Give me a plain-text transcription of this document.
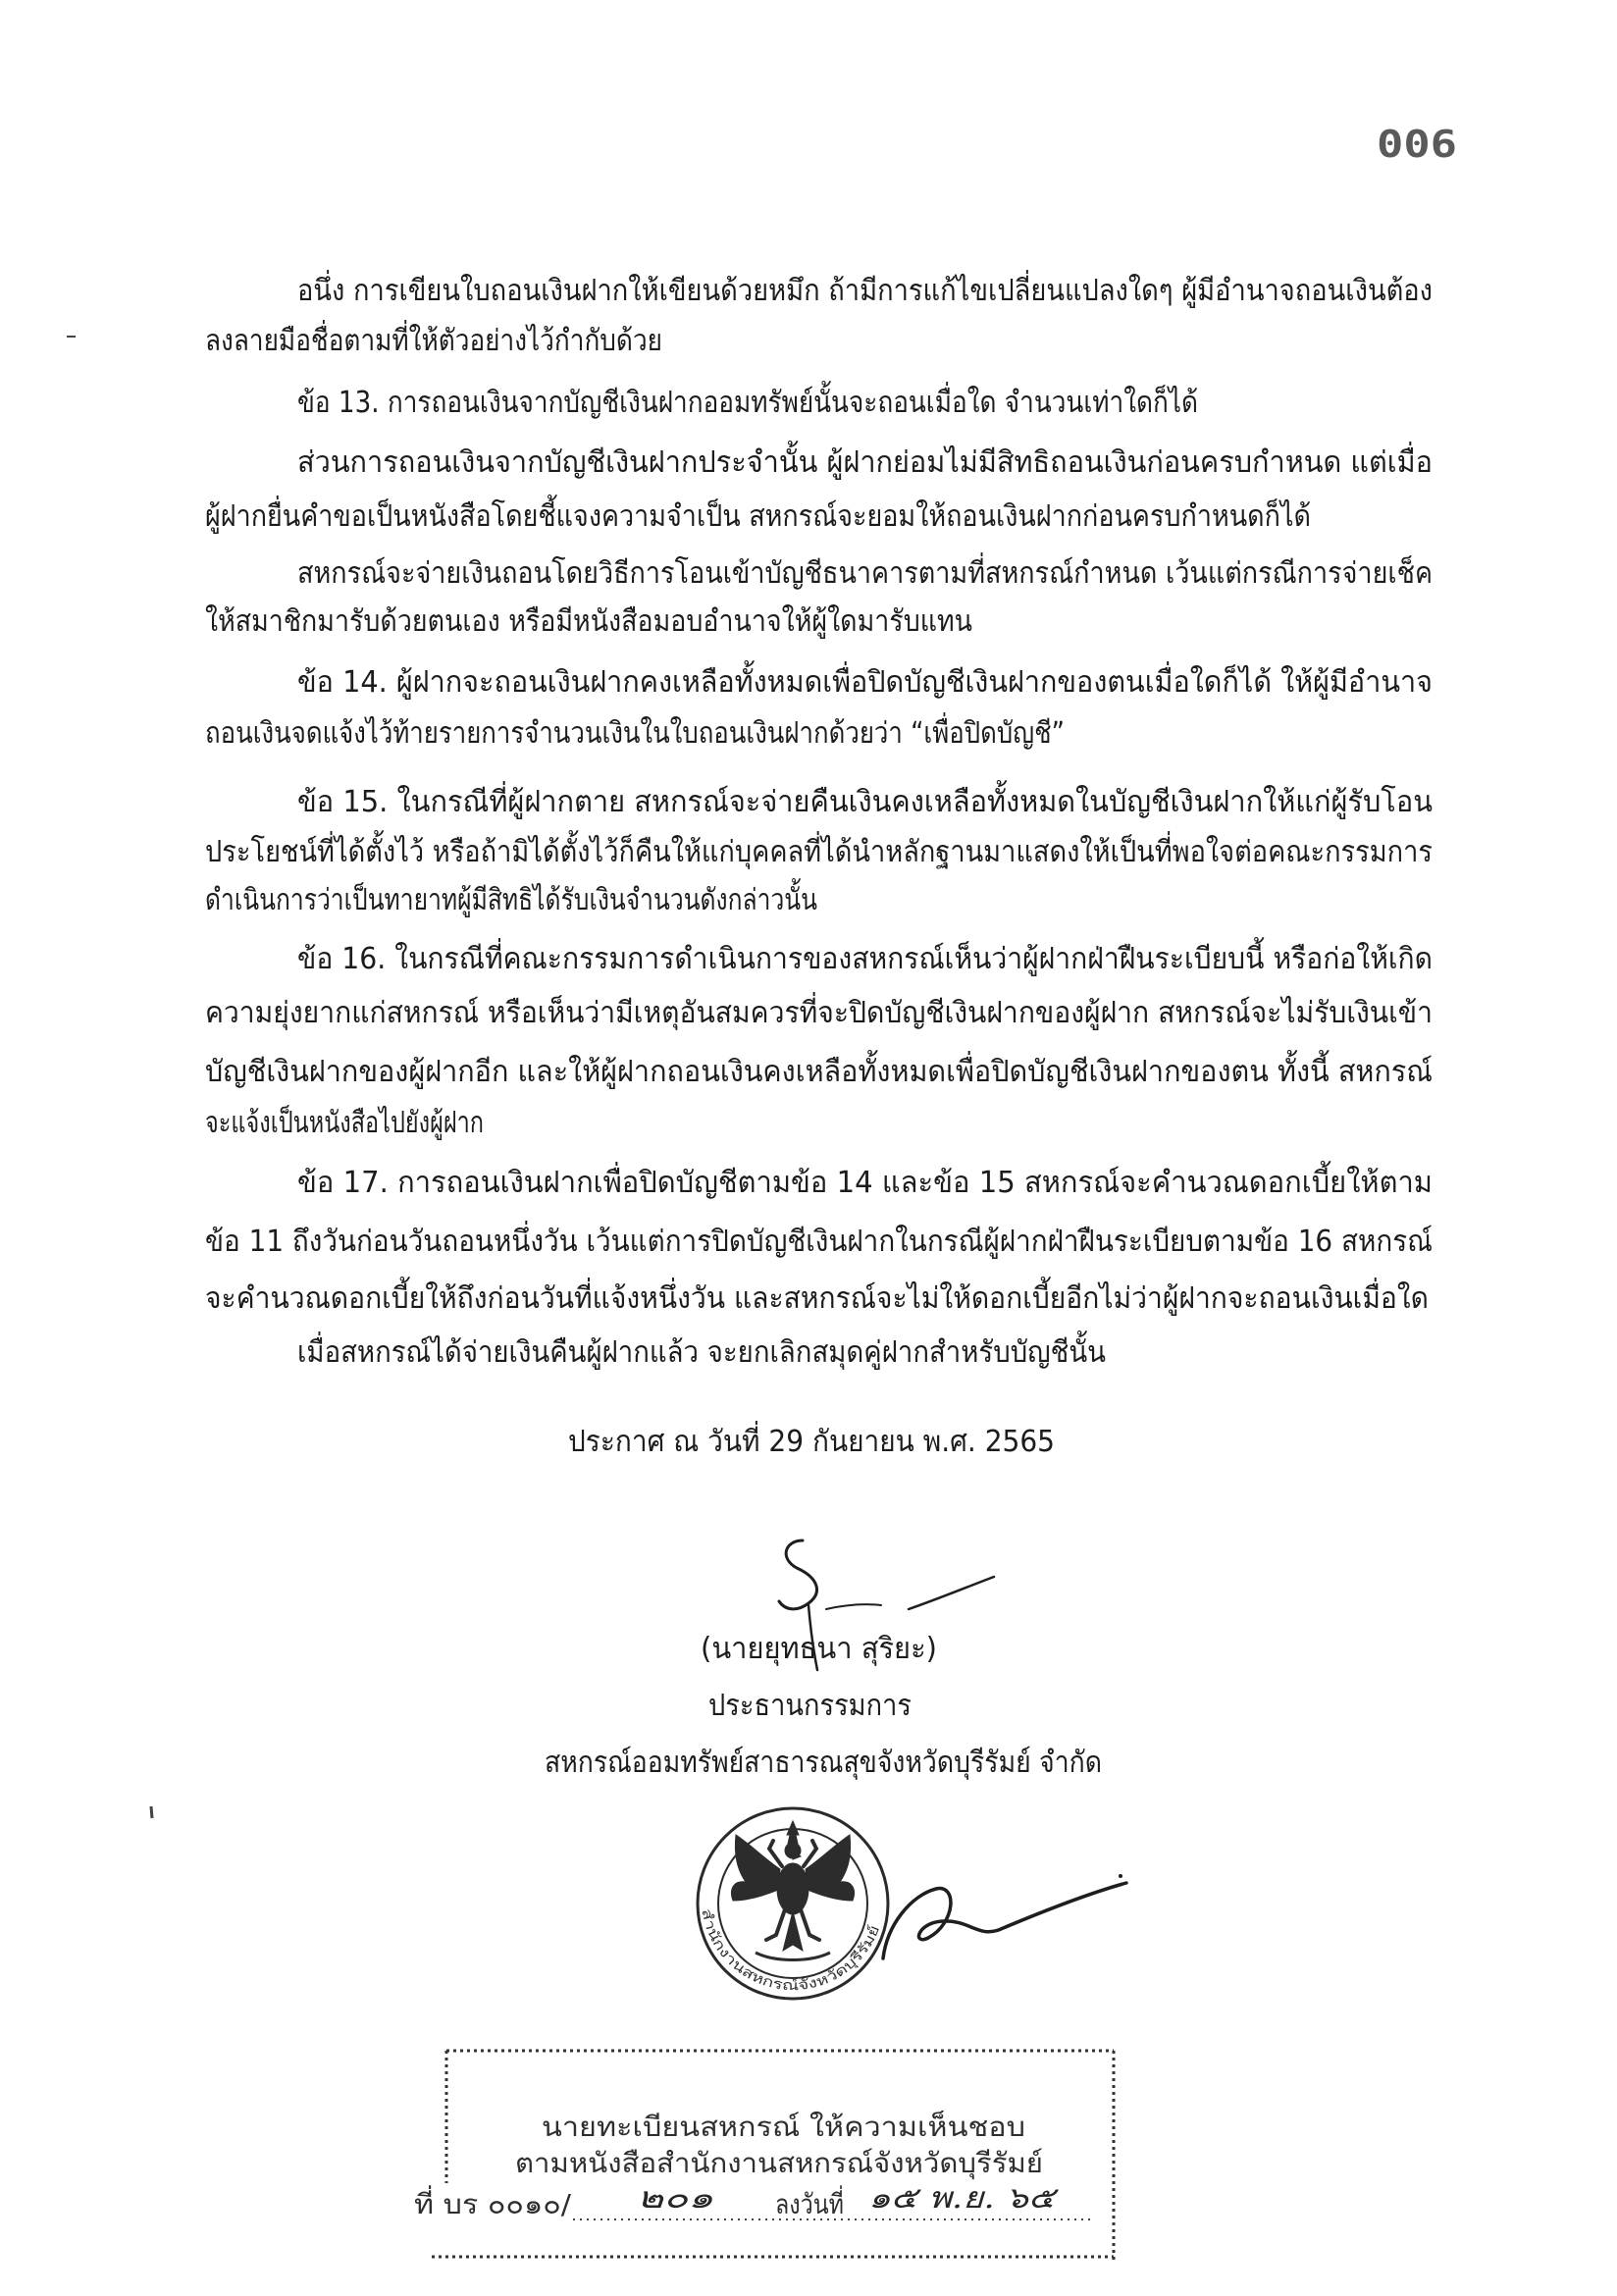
006
อนึ่ง การเขียนใบถอนเงินฝากให้เขียนด้วยหมึก ถ้ามีการแก้ไขเปลี่ยนแปลงใดๆ ผู้มีอำนาจถอนเงินต้อง
ลงลายมือชื่อตามที่ให้ตัวอย่างไว้กำกับด้วย
ข้อ 13. การถอนเงินจากบัญชีเงินฝากออมทรัพย์นั้นจะถอนเมื่อใด จำนวนเท่าใดก็ได้
ส่วนการถอนเงินจากบัญชีเงินฝากประจำนั้น ผู้ฝากย่อมไม่มีสิทธิถอนเงินก่อนครบกำหนด แต่เมื่อ
ผู้ฝากยื่นคำขอเป็นหนังสือโดยชี้แจงความจำเป็น สหกรณ์จะยอมให้ถอนเงินฝากก่อนครบกำหนดก็ได้
สหกรณ์จะจ่ายเงินถอนโดยวิธีการโอนเข้าบัญชีธนาคารตามที่สหกรณ์กำหนด เว้นแต่กรณีการจ่ายเช็ค
ให้สมาชิกมารับด้วยตนเอง หรือมีหนังสือมอบอำนาจให้ผู้ใดมารับแทน
ข้อ 14. ผู้ฝากจะถอนเงินฝากคงเหลือทั้งหมดเพื่อปิดบัญชีเงินฝากของตนเมื่อใดก็ได้ ให้ผู้มีอำนาจ
ถอนเงินจดแจ้งไว้ท้ายรายการจำนวนเงินในใบถอนเงินฝากด้วยว่า “เพื่อปิดบัญชี”
ข้อ 15. ในกรณีที่ผู้ฝากตาย สหกรณ์จะจ่ายคืนเงินคงเหลือทั้งหมดในบัญชีเงินฝากให้แก่ผู้รับโอน
ประโยชน์ที่ได้ตั้งไว้ หรือถ้ามิได้ตั้งไว้ก็คืนให้แก่บุคคลที่ได้นำหลักฐานมาแสดงให้เป็นที่พอใจต่อคณะกรรมการ
ดำเนินการว่าเป็นทายาทผู้มีสิทธิได้รับเงินจำนวนดังกล่าวนั้น
ข้อ 16. ในกรณีที่คณะกรรมการดำเนินการของสหกรณ์เห็นว่าผู้ฝากฝ่าฝืนระเบียบนี้ หรือก่อให้เกิด
ความยุ่งยากแก่สหกรณ์ หรือเห็นว่ามีเหตุอันสมควรที่จะปิดบัญชีเงินฝากของผู้ฝาก สหกรณ์จะไม่รับเงินเข้า
บัญชีเงินฝากของผู้ฝากอีก และให้ผู้ฝากถอนเงินคงเหลือทั้งหมดเพื่อปิดบัญชีเงินฝากของตน ทั้งนี้ สหกรณ์
จะแจ้งเป็นหนังสือไปยังผู้ฝาก
ข้อ 17. การถอนเงินฝากเพื่อปิดบัญชีตามข้อ 14 และข้อ 15 สหกรณ์จะคำนวณดอกเบี้ยให้ตาม
ข้อ 11 ถึงวันก่อนวันถอนหนึ่งวัน เว้นแต่การปิดบัญชีเงินฝากในกรณีผู้ฝากฝ่าฝืนระเบียบตามข้อ 16 สหกรณ์
จะคำนวณดอกเบี้ยให้ถึงก่อนวันที่แจ้งหนึ่งวัน และสหกรณ์จะไม่ให้ดอกเบี้ยอีกไม่ว่าผู้ฝากจะถอนเงินเมื่อใด
เมื่อสหกรณ์ได้จ่ายเงินคืนผู้ฝากแล้ว จะยกเลิกสมุดคู่ฝากสำหรับบัญชีนั้น
ประกาศ ณ วันที่ 29 กันยายน พ.ศ. 2565
(นายยุทธนา สุริยะ)
ประธานกรรมการ
สหกรณ์ออมทรัพย์สาธารณสุขจังหวัดบุรีรัมย์ จำกัด
สำนักงานสหกรณ์จังหวัดบุรีรัมย์
นายทะเบียนสหกรณ์ ให้ความเห็นชอบ
ตามหนังสือสำนักงานสหกรณ์จังหวัดบุรีรัมย์
ที่ บร ๐๐๑๐/	๒๐๑ ลงวันที่ ๑๕ พ.ย. ๖๕
